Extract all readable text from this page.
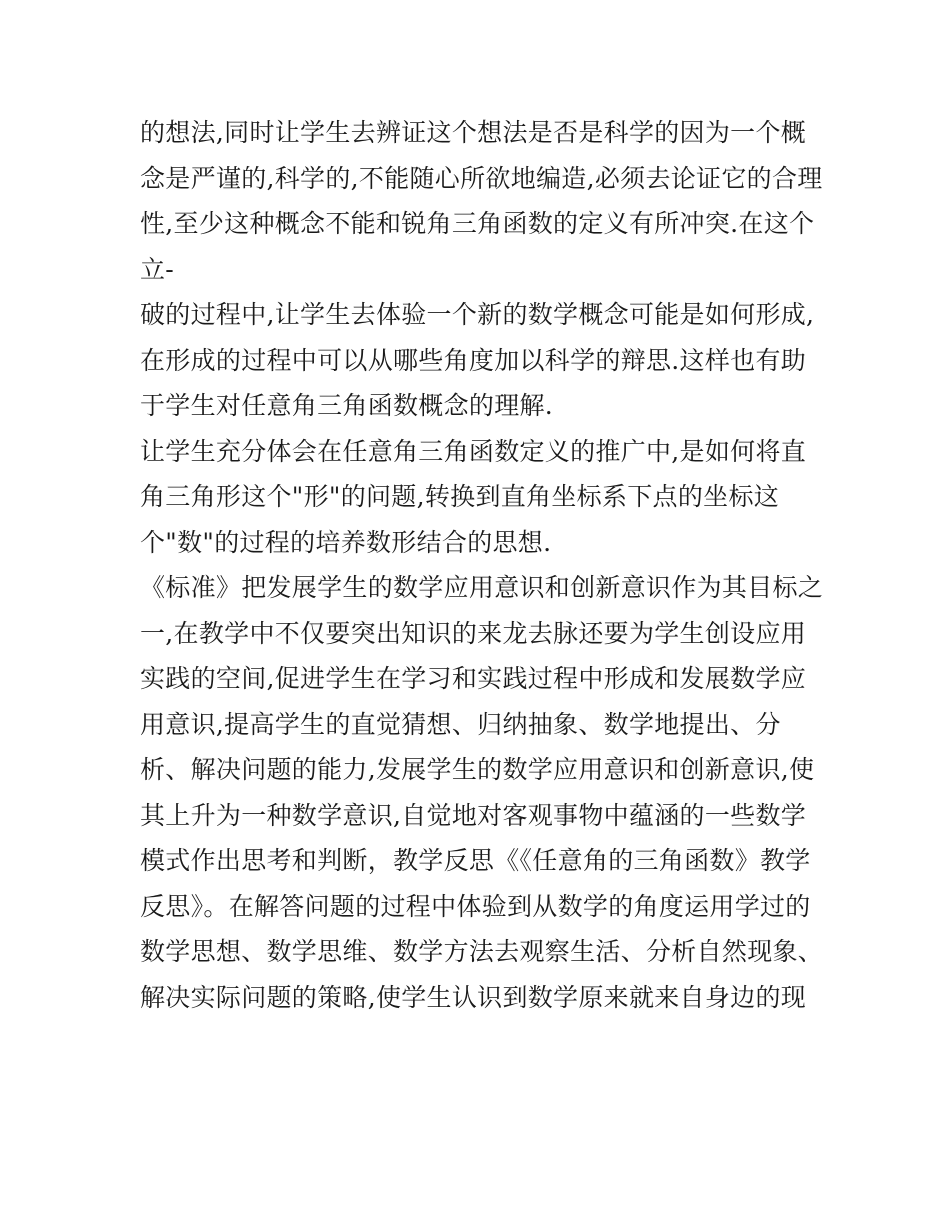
的想法,同时让学生去辨证这个想法是否是科学的因为一个概
念是严谨的,科学的,不能随心所欲地编造,必须去论证它的合理
性,至少这种概念不能和锐角三角函数的定义有所冲突.在这个
立-
破的过程中,让学生去体验一个新的数学概念可能是如何形成,
在形成的过程中可以从哪些角度加以科学的辩思.这样也有助
于学生对任意角三角函数概念的理解.
让学生充分体会在任意角三角函数定义的推广中,是如何将直
角三角形这个"形"的问题,转换到直角坐标系下点的坐标这
个"数"的过程的培养数形结合的思想.
《标准》把发展学生的数学应用意识和创新意识作为其目标之
一,在教学中不仅要突出知识的来龙去脉还要为学生创设应用
实践的空间,促进学生在学习和实践过程中形成和发展数学应
用意识,提高学生的直觉猜想、归纳抽象、数学地提出、分
析、解决问题的能力,发展学生的数学应用意识和创新意识,使
其上升为一种数学意识,自觉地对客观事物中蕴涵的一些数学
模式作出思考和判断，教学反思《《任意角的三角函数》教学
反思》。在解答问题的过程中体验到从数学的角度运用学过的
数学思想、数学思维、数学方法去观察生活、分析自然现象、
解决实际问题的策略,使学生认识到数学原来就来自身边的现
